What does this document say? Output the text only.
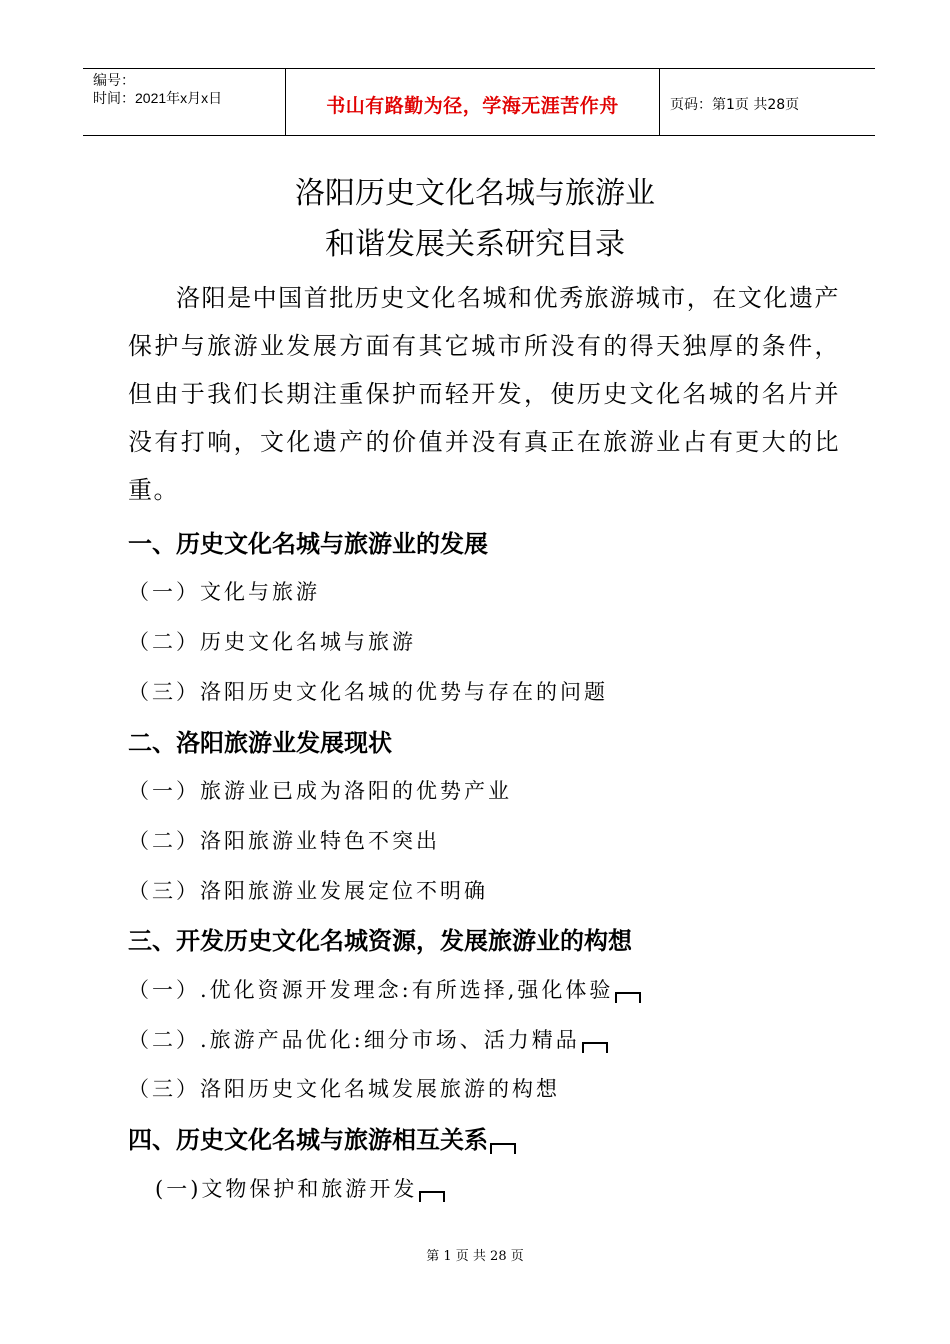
编号：
时间：2021年x月x日	书山有路勤为径，学海无涯苦作舟	页码：第1页 共28页
洛阳历史文化名城与旅游业
和谐发展关系研究目录

洛阳是中国首批历史文化名城和优秀旅游城市，在文化遗产保护与旅游业发展方面有其它城市所没有的得天独厚的条件，但由于我们长期注重保护而轻开发，使历史文化名城的名片并没有打响，文化遗产的价值并没有真正在旅游业占有更大的比重。

一、历史文化名城与旅游业的发展
（一）文化与旅游
（二）历史文化名城与旅游
（三）洛阳历史文化名城的优势与存在的问题
二、洛阳旅游业发展现状
（一）旅游业已成为洛阳的优势产业
（二）洛阳旅游业特色不突出
（三）洛阳旅游业发展定位不明确
三、开发历史文化名城资源，发展旅游业的构想
（一）.优化资源开发理念:有所选择,强化体验
（二）.旅游产品优化:细分市场、活力精品
（三）洛阳历史文化名城发展旅游的构想
四、历史文化名城与旅游相互关系
(一)文物保护和旅游开发
第 1 页 共 28 页
